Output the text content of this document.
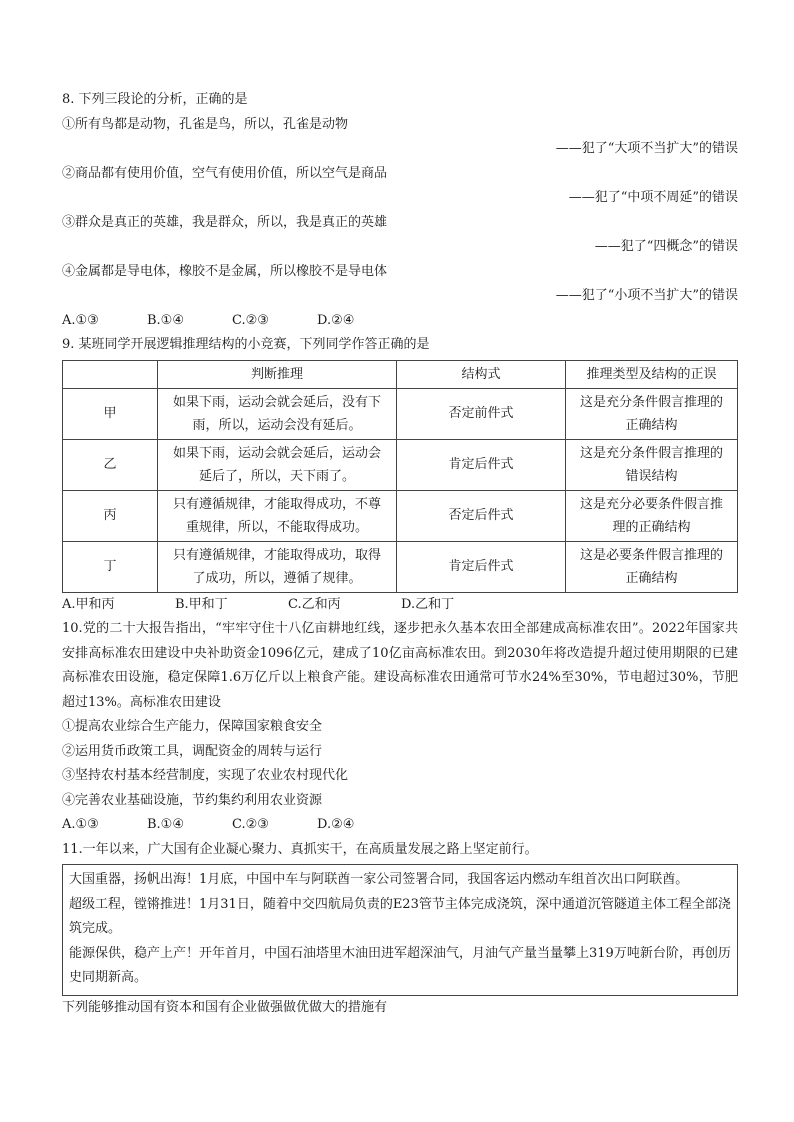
8. 下列三段论的分析，正确的是
①所有鸟都是动物，孔雀是鸟，所以，孔雀是动物
——犯了“大项不当扩大”的错误
②商品都有使用价值，空气有使用价值，所以空气是商品
——犯了“中项不周延”的错误
③群众是真正的英雄，我是群众，所以，我是真正的英雄
——犯了“四概念”的错误
④金属都是导电体，橡胶不是金属，所以橡胶不是导电体
——犯了“小项不当扩大”的错误
A.①③	B.①④	C.②③	D.②④
9. 某班同学开展逻辑推理结构的小竞赛，下列同学作答正确的是
	判断推理	结构式	推理类型及结构的正误
甲	如果下雨，运动会就会延后，没有下雨，所以，运动会没有延后。	否定前件式	这是充分条件假言推理的正确结构
乙	如果下雨，运动会就会延后，运动会延后了，所以，天下雨了。	肯定后件式	这是充分条件假言推理的错误结构
丙	只有遵循规律，才能取得成功，不尊重规律，所以，不能取得成功。	否定后件式	这是充分必要条件假言推理的正确结构
丁	只有遵循规律，才能取得成功，取得了成功，所以，遵循了规律。	肯定后件式	这是必要条件假言推理的正确结构
A.甲和丙	B.甲和丁	C.乙和丙	D.乙和丁
10.党的二十大报告指出，“牢牢守住十八亿亩耕地红线，逐步把永久基本农田全部建成高标准农田”。2022年国家共安排高标准农田建设中央补助资金1096亿元，建成了10亿亩高标准农田。到2030年将改造提升超过使用期限的已建高标准农田设施，稳定保障1.6万亿斤以上粮食产能。建设高标准农田通常可节水24%至30%，节电超过30%，节肥超过13%。高标准农田建设
①提高农业综合生产能力，保障国家粮食安全
②运用货币政策工具，调配资金的周转与运行
③坚持农村基本经营制度，实现了农业农村现代化
④完善农业基础设施，节约集约利用农业资源
A.①③	B.①④	C.②③	D.②④
11.一年以来，广大国有企业凝心聚力、真抓实干，在高质量发展之路上坚定前行。

大国重器，扬帆出海！1月底，中国中车与阿联酋一家公司签署合同，我国客运内燃动车组首次出口阿联酋。

超级工程，镗锵推进！1月31日，随着中交四航局负责的E23管节主体完成浇筑，深中通道沉管隧道主体工程全部浇筑完成。

能源保供，稳产上产！开年首月，中国石油塔里木油田进军超深油气，月油气产量当量攀上319万吨新台阶，再创历史同期新高。

下列能够推动国有资本和国有企业做强做优做大的措施有
